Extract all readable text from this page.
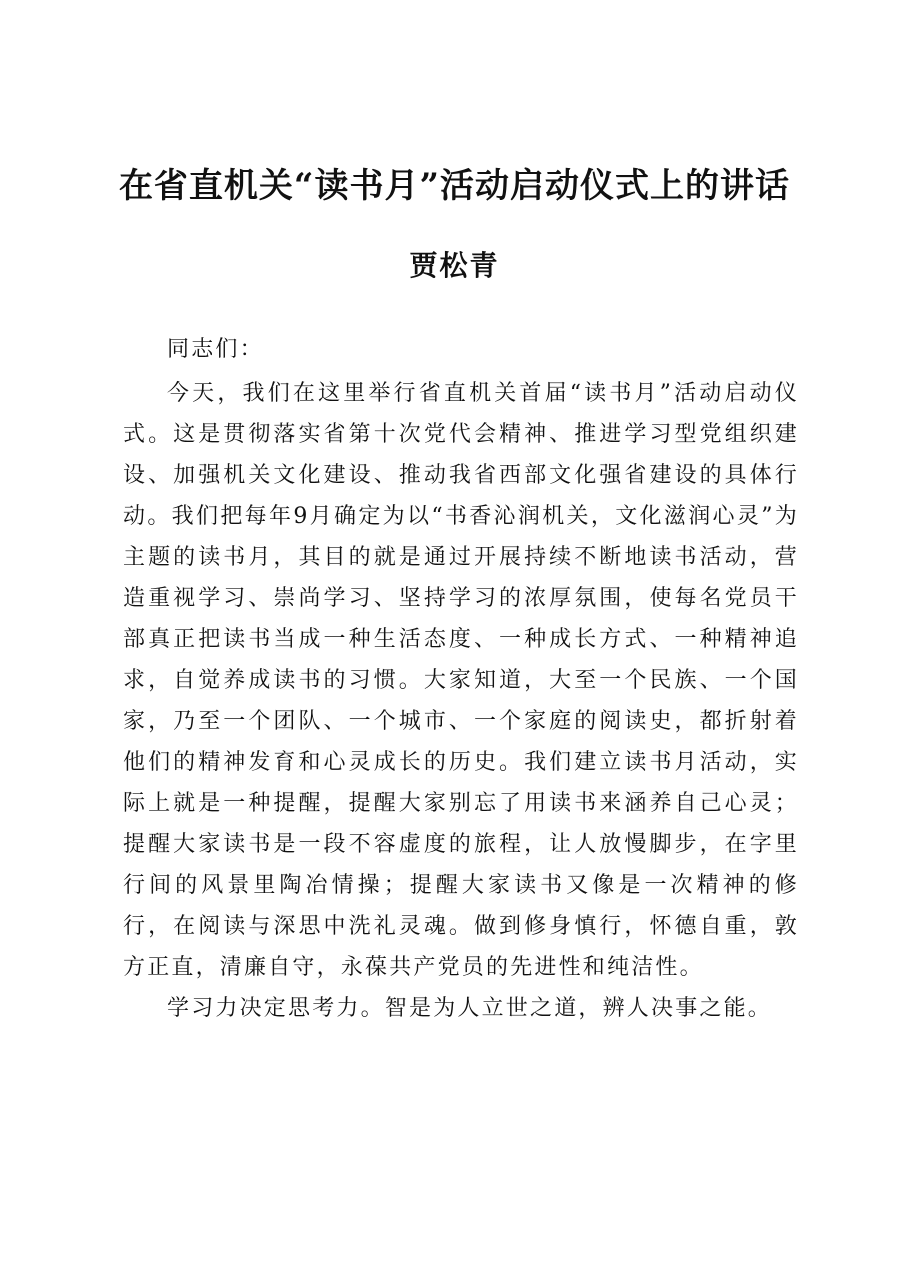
在省直机关“读书月”活动启动仪式上的讲话
贾松青

同志们：

今天，我们在这里举行省直机关首届“读书月”活动启动仪式。这是贯彻落实省第十次党代会精神、推进学习型党组织建设、加强机关文化建设、推动我省西部文化强省建设的具体行动。我们把每年9月确定为以“书香沁润机关，文化滋润心灵”为主题的读书月，其目的就是通过开展持续不断地读书活动，营造重视学习、崇尚学习、坚持学习的浓厚氛围，使每名党员干部真正把读书当成一种生活态度、一种成长方式、一种精神追求，自觉养成读书的习惯。大家知道，大至一个民族、一个国家，乃至一个团队、一个城市、一个家庭的阅读史，都折射着他们的精神发育和心灵成长的历史。我们建立读书月活动，实际上就是一种提醒，提醒大家别忘了用读书来涵养自己心灵；提醒大家读书是一段不容虚度的旅程，让人放慢脚步，在字里行间的风景里陶冶情操；提醒大家读书又像是一次精神的修行，在阅读与深思中洗礼灵魂。做到修身慎行，怀德自重，敦方正直，清廉自守，永葆共产党员的先进性和纯洁性。

学习力决定思考力。智是为人立世之道，辨人决事之能。
